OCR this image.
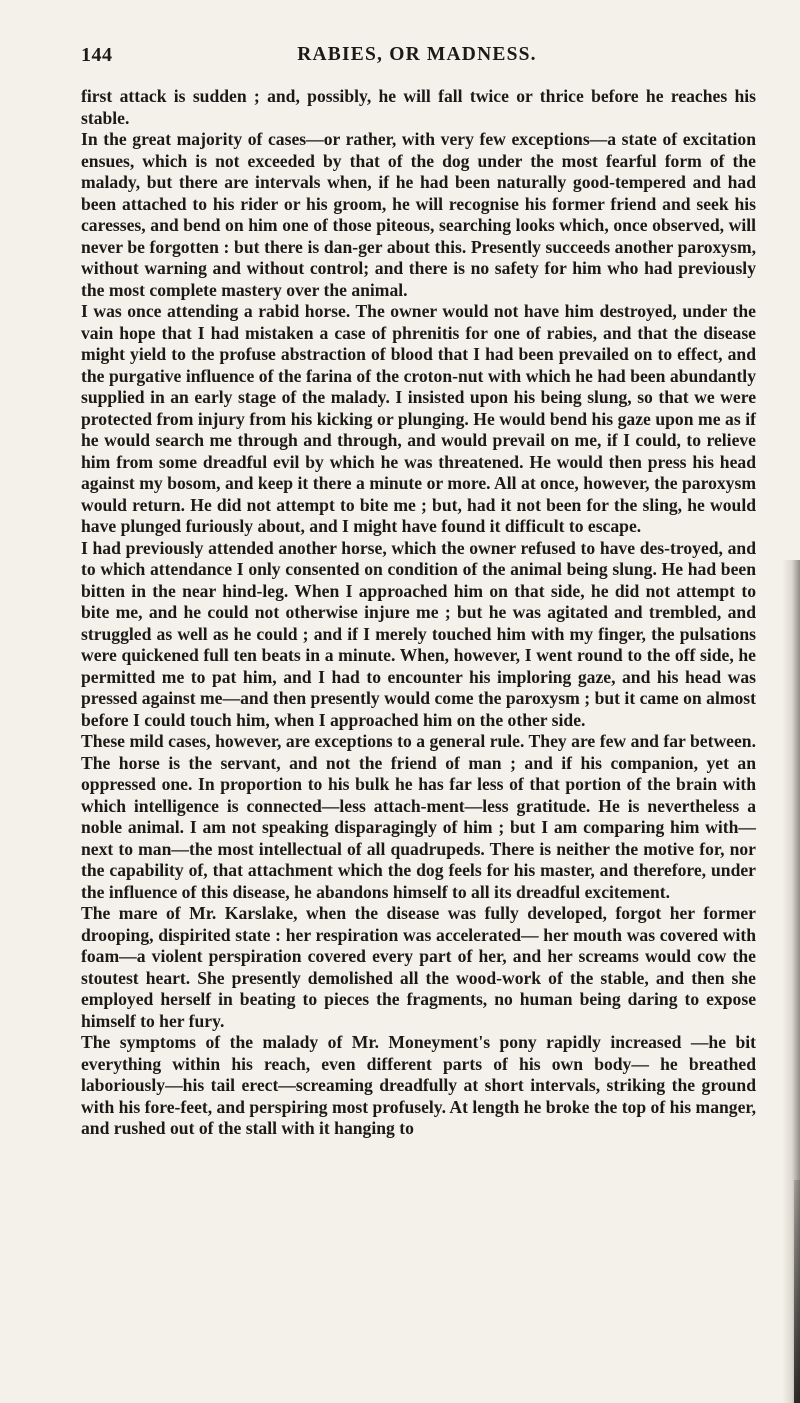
144	RABIES, OR MADNESS.

first attack is sudden ; and, possibly, he will fall twice or thrice before he reaches his stable.

In the great majority of cases—or rather, with very few exceptions—a state of excitation ensues, which is not exceeded by that of the dog under the most fearful form of the malady, but there are intervals when, if he had been naturally good-tempered and had been attached to his rider or his groom, he will recognise his former friend and seek his caresses, and bend on him one of those piteous, searching looks which, once observed, will never be forgotten : but there is dan-ger about this. Presently succeeds another paroxysm, without warning and without control; and there is no safety for him who had previously the most complete mastery over the animal.

I was once attending a rabid horse. The owner would not have him destroyed, under the vain hope that I had mistaken a case of phrenitis for one of rabies, and that the disease might yield to the profuse abstraction of blood that I had been prevailed on to effect, and the purgative influence of the farina of the croton-nut with which he had been abundantly supplied in an early stage of the malady. I insisted upon his being slung, so that we were protected from injury from his kicking or plunging. He would bend his gaze upon me as if he would search me through and through, and would prevail on me, if I could, to relieve him from some dreadful evil by which he was threatened. He would then press his head against my bosom, and keep it there a minute or more. All at once, however, the paroxysm would return. He did not attempt to bite me ; but, had it not been for the sling, he would have plunged furiously about, and I might have found it difficult to escape.

I had previously attended another horse, which the owner refused to have des-troyed, and to which attendance I only consented on condition of the animal being slung. He had been bitten in the near hind-leg. When I approached him on that side, he did not attempt to bite me, and he could not otherwise injure me ; but he was agitated and trembled, and struggled as well as he could ; and if I merely touched him with my finger, the pulsations were quickened full ten beats in a minute. When, however, I went round to the off side, he permitted me to pat him, and I had to encounter his imploring gaze, and his head was pressed against me—and then presently would come the paroxysm ; but it came on almost before I could touch him, when I approached him on the other side.

These mild cases, however, are exceptions to a general rule. They are few and far between. The horse is the servant, and not the friend of man ; and if his companion, yet an oppressed one. In proportion to his bulk he has far less of that portion of the brain with which intelligence is connected—less attach-ment—less gratitude. He is nevertheless a noble animal. I am not speaking disparagingly of him ; but I am comparing him with—next to man—the most intellectual of all quadrupeds. There is neither the motive for, nor the capability of, that attachment which the dog feels for his master, and therefore, under the influence of this disease, he abandons himself to all its dreadful excitement.

The mare of Mr. Karslake, when the disease was fully developed, forgot her former drooping, dispirited state : her respiration was accelerated— her mouth was covered with foam—a violent perspiration covered every part of her, and her screams would cow the stoutest heart. She presently demolished all the wood-work of the stable, and then she employed herself in beating to pieces the fragments, no human being daring to expose himself to her fury.

The symptoms of the malady of Mr. Moneyment's pony rapidly increased —he bit everything within his reach, even different parts of his own body— he breathed laboriously—his tail erect—screaming dreadfully at short intervals, striking the ground with his fore-feet, and perspiring most profusely. At length he broke the top of his manger, and rushed out of the stall with it hanging to
